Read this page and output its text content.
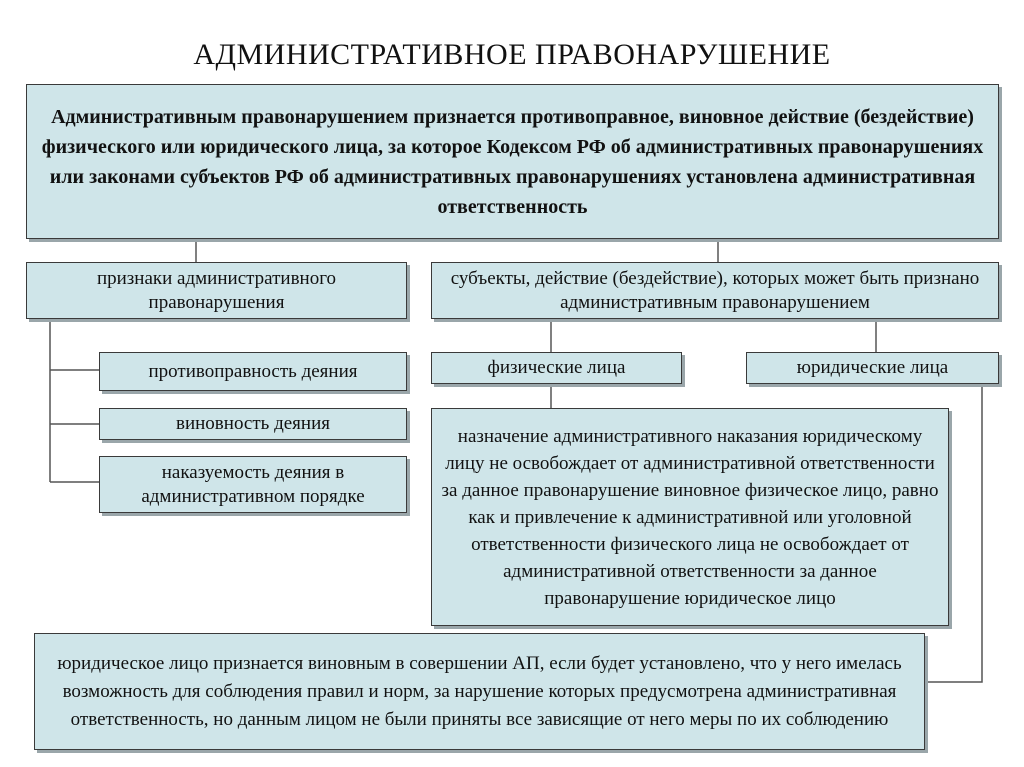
АДМИНИСТРАТИВНОЕ ПРАВОНАРУШЕНИЕ
Административным правонарушением признается противоправное, виновное действие (бездействие) физического или юридического лица, за которое Кодексом РФ об административных правонарушениях или законами субъектов РФ об административных правонарушениях установлена административная ответственность
признаки административного правонарушения
субъекты, действие (бездействие), которых может быть признано административным правонарушением
противоправность деяния
виновность деяния
наказуемость деяния в административном порядке
физические лица	юридические лица
назначение административного наказания юридическому лицу не освобождает от административной ответственности за данное правонарушение виновное физическое лицо, равно как и привлечение к административной или уголовной ответственности физического лица не освобождает от административной ответственности за данное правонарушение юридическое лицо
юридическое лицо признается виновным в совершении АП, если будет установлено, что у него имелась возможность для соблюдения правил и норм, за нарушение которых предусмотрена административная ответственность, но данным лицом не были приняты все зависящие от него меры по их соблюдению
